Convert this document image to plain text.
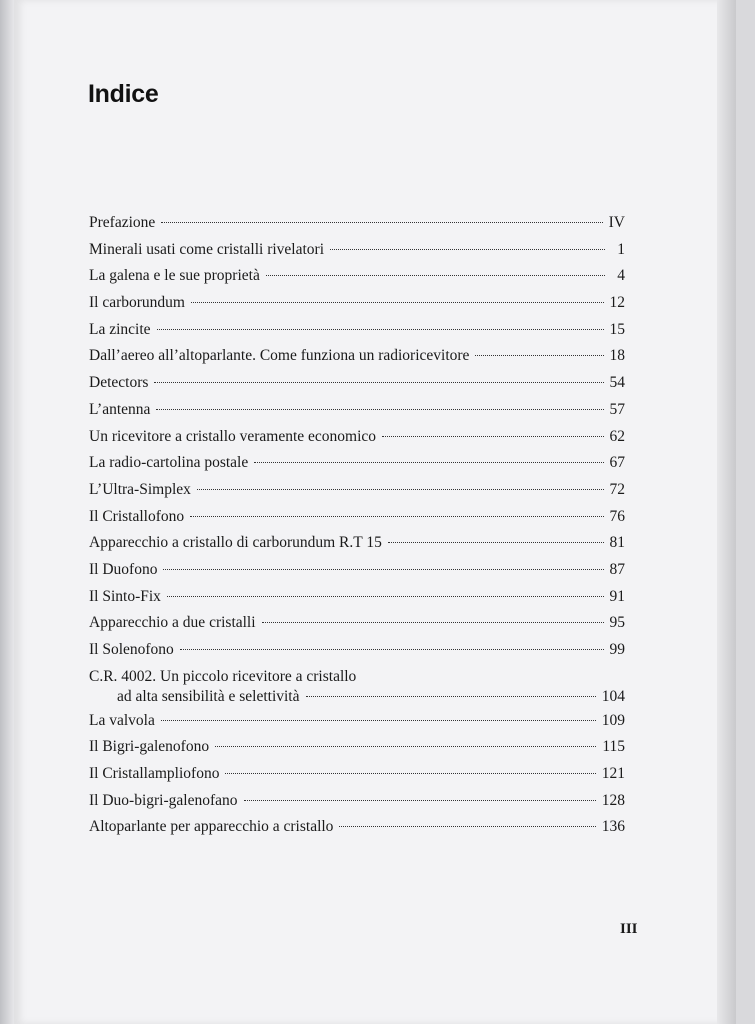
Indice
Prefazione	IV
Minerali usati come cristalli rivelatori	1
La galena e le sue proprietà	4
Il carborundum	12
La zincite	15
Dall’aereo all’altoparlante. Come funziona un radioricevitore	18
Detectors	54
L’antenna	57
Un ricevitore a cristallo veramente economico	62
La radio-cartolina postale	67
L’Ultra-Simplex	72
Il Cristallofono	76
Apparecchio a cristallo di carborundum R.T 15	81
Il Duofono	87
Il Sinto-Fix	91
Apparecchio a due cristalli	95
Il Solenofono	99
C.R. 4002. Un piccolo ricevitore a cristallo
ad alta sensibilità e selettività	104
La valvola	109
Il Bigri-galenofono	115
Il Cristallampliofono	121
Il Duo-bigri-galenofano	128
Altoparlante per apparecchio a cristallo	136
III
